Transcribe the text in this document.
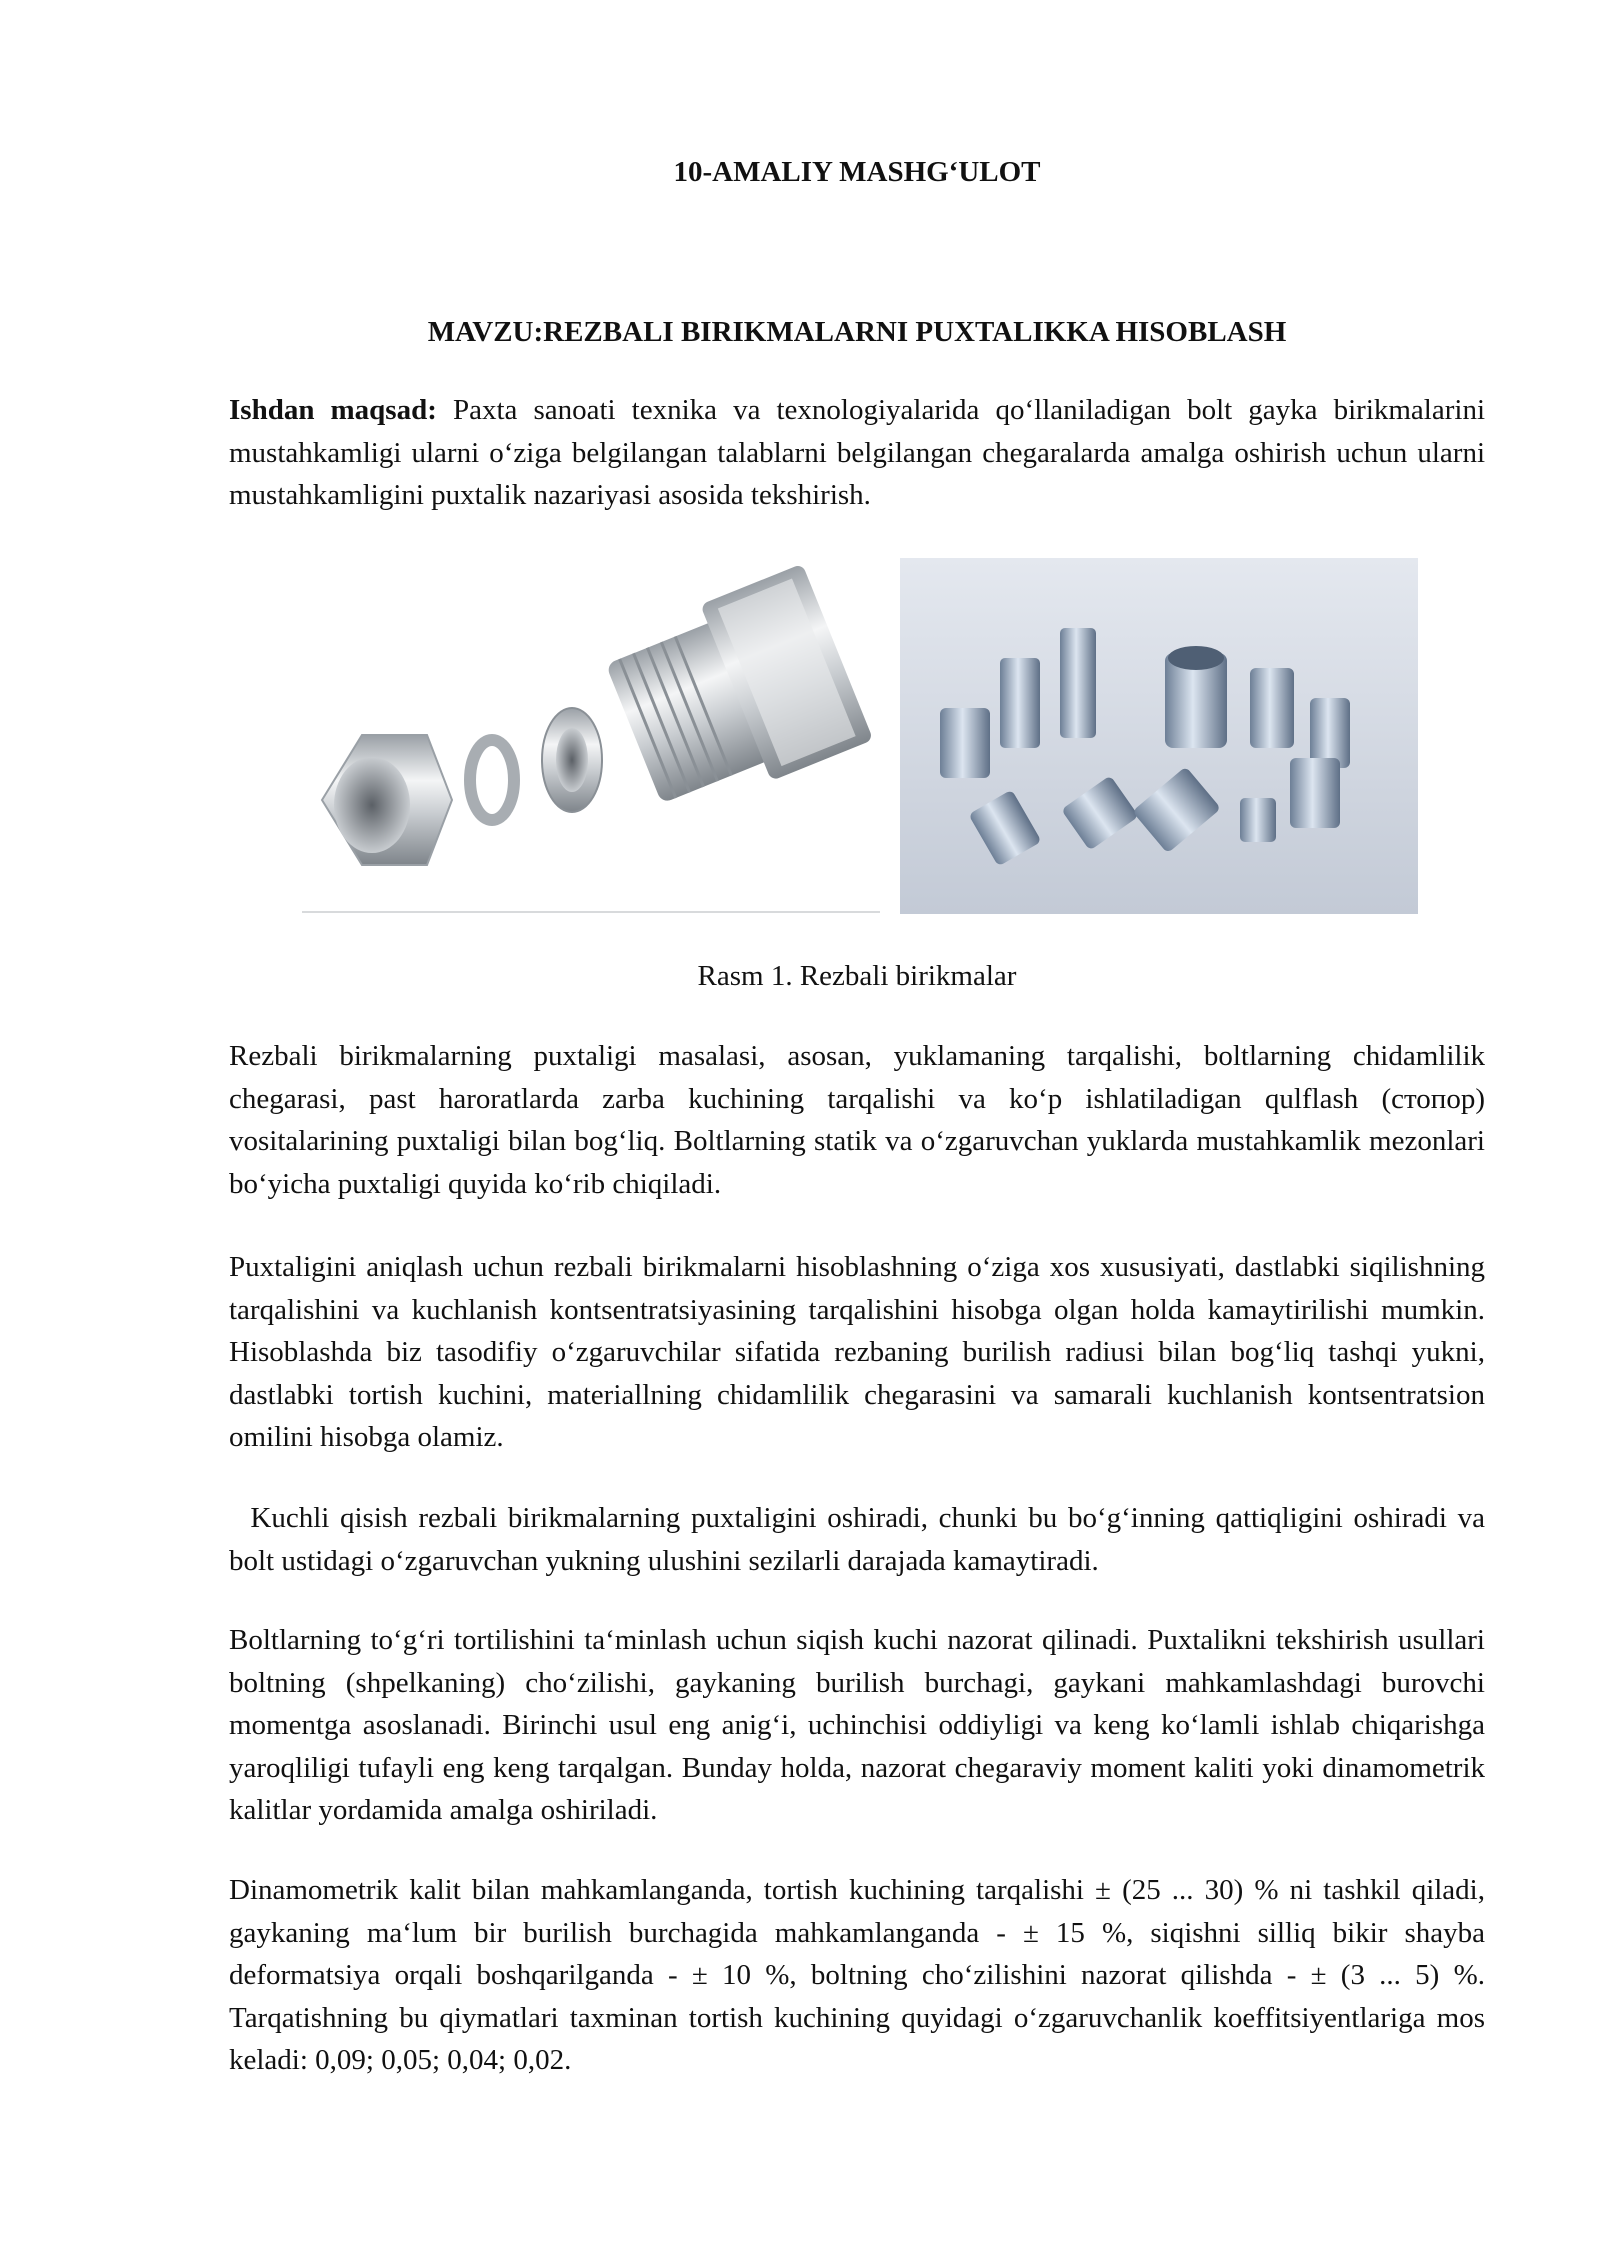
10-AMALIY MASHG‘ULOT
MAVZU:REZBALI BIRIKMALARNI PUXTALIKKA HISOBLASH

Ishdan maqsad: Paxta sanoati texnika va texnologiyalarida qo‘llaniladigan bolt gayka birikmalarini mustahkamligi ularni o‘ziga belgilangan talablarni belgilangan chegaralarda amalga oshirish uchun ularni mustahkamligini puxtalik nazariyasi asosida tekshirish.

Rasm 1. Rezbali birikmalar

Rezbali birikmalarning puxtaligi masalasi, asosan, yuklamaning tarqalishi, boltlarning chidamlilik chegarasi, past haroratlarda zarba kuchining tarqalishi va ko‘p ishlatiladigan qulflash (стопор) vositalarining puxtaligi bilan bog‘liq. Boltlarning statik va o‘zgaruvchan yuklarda mustahkamlik mezonlari bo‘yicha puxtaligi quyida ko‘rib chiqiladi.

Puxtaligini aniqlash uchun rezbali birikmalarni hisoblashning o‘ziga xos xususiyati, dastlabki siqilishning tarqalishini va kuchlanish kontsentratsiyasining tarqalishini hisobga olgan holda kamaytirilishi mumkin. Hisoblashda biz tasodifiy o‘zgaruvchilar sifatida rezbaning burilish radiusi bilan bog‘liq tashqi yukni, dastlabki tortish kuchini, materiallning chidamlilik chegarasini va samarali kuchlanish kontsentratsion omilini hisobga olamiz.

Kuchli qisish rezbali birikmalarning puxtaligini oshiradi, chunki bu bo‘g‘inning qattiqligini oshiradi va bolt ustidagi o‘zgaruvchan yukning ulushini sezilarli darajada kamaytiradi.

Boltlarning to‘g‘ri tortilishini ta‘minlash uchun siqish kuchi nazorat qilinadi. Puxtalikni tekshirish usullari boltning (shpelkaning) cho‘zilishi, gaykaning burilish burchagi, gaykani mahkamlashdagi burovchi momentga asoslanadi. Birinchi usul eng anig‘i, uchinchisi oddiyligi va keng ko‘lamli ishlab chiqarishga yaroqliligi tufayli eng keng tarqalgan. Bunday holda, nazorat chegaraviy moment kaliti yoki dinamometrik kalitlar yordamida amalga oshiriladi.

Dinamometrik kalit bilan mahkamlanganda, tortish kuchining tarqalishi ± (25 ... 30) % ni tashkil qiladi, gaykaning ma‘lum bir burilish burchagida mahkamlanganda - ± 15 %, siqishni silliq bikir shayba deformatsiya orqali boshqarilganda - ± 10 %, boltning cho‘zilishini nazorat qilishda - ± (3 ... 5) %. Tarqatishning bu qiymatlari taxminan tortish kuchining quyidagi o‘zgaruvchanlik koeffitsiyentlariga mos keladi: 0,09; 0,05; 0,04; 0,02.
